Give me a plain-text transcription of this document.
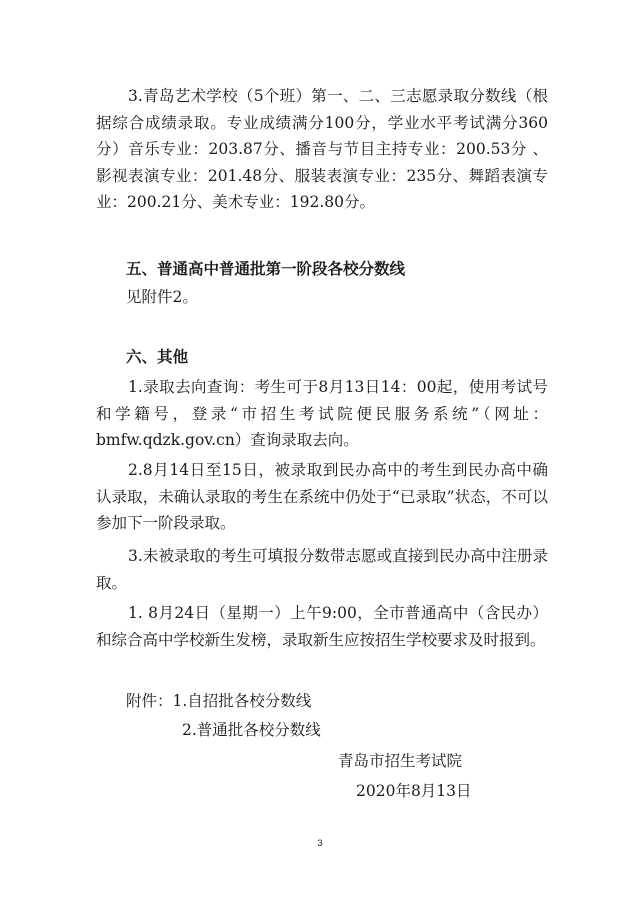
3.青岛艺术学校（5个班）第一、二、三志愿录取分数线（根据综合成绩录取。专业成绩满分100分，学业水平考试满分360分）音乐专业：203.87分、播音与节目主持专业：200.53分 、影视表演专业：201.48分、服装表演专业：235分、舞蹈表演专业：200.21分、美术专业：192.80分。

五、普通高中普通批第一阶段各校分数线

见附件2。

六、其他

1.录取去向查询：考生可于8月13日14：00起，使用考试号和学籍号，登录“市招生考试院便民服务系统”（网址：bmfw.qdzk.gov.cn）查询录取去向。

2.8月14日至15日，被录取到民办高中的考生到民办高中确认录取，未确认录取的考生在系统中仍处于“已录取”状态，不可以参加下一阶段录取。

3.未被录取的考生可填报分数带志愿或直接到民办高中注册录取。

1. 8月24日（星期一）上午9:00，全市普通高中（含民办）和综合高中学校新生发榜，录取新生应按招生学校要求及时报到。

附件：1.自招批各校分数线

2.普通批各校分数线

青岛市招生考试院

2020年8月13日

3
